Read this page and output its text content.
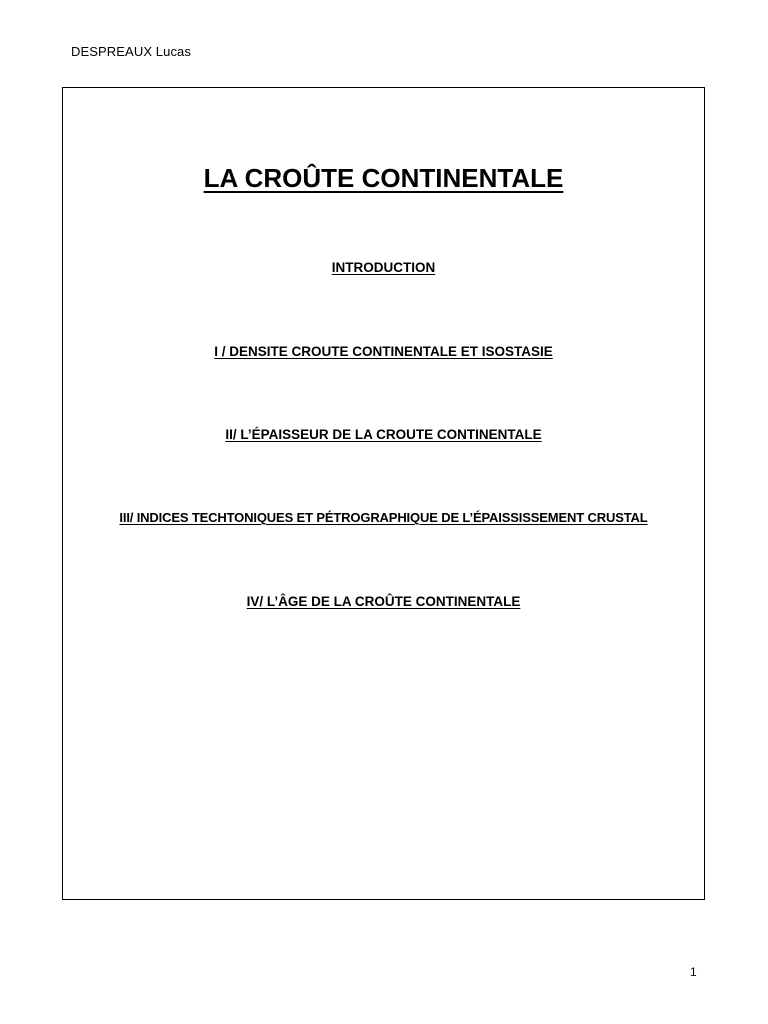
DESPREAUX Lucas
LA CROÛTE CONTINENTALE
INTRODUCTION
I / DENSITE CROUTE CONTINENTALE ET ISOSTASIE
II/ L’ÉPAISSEUR DE LA CROUTE CONTINENTALE
III/ INDICES TECHTONIQUES ET PÉTROGRAPHIQUE DE L’ÉPAISSISSEMENT CRUSTAL
IV/ L’ÂGE DE LA CROÛTE CONTINENTALE
1
